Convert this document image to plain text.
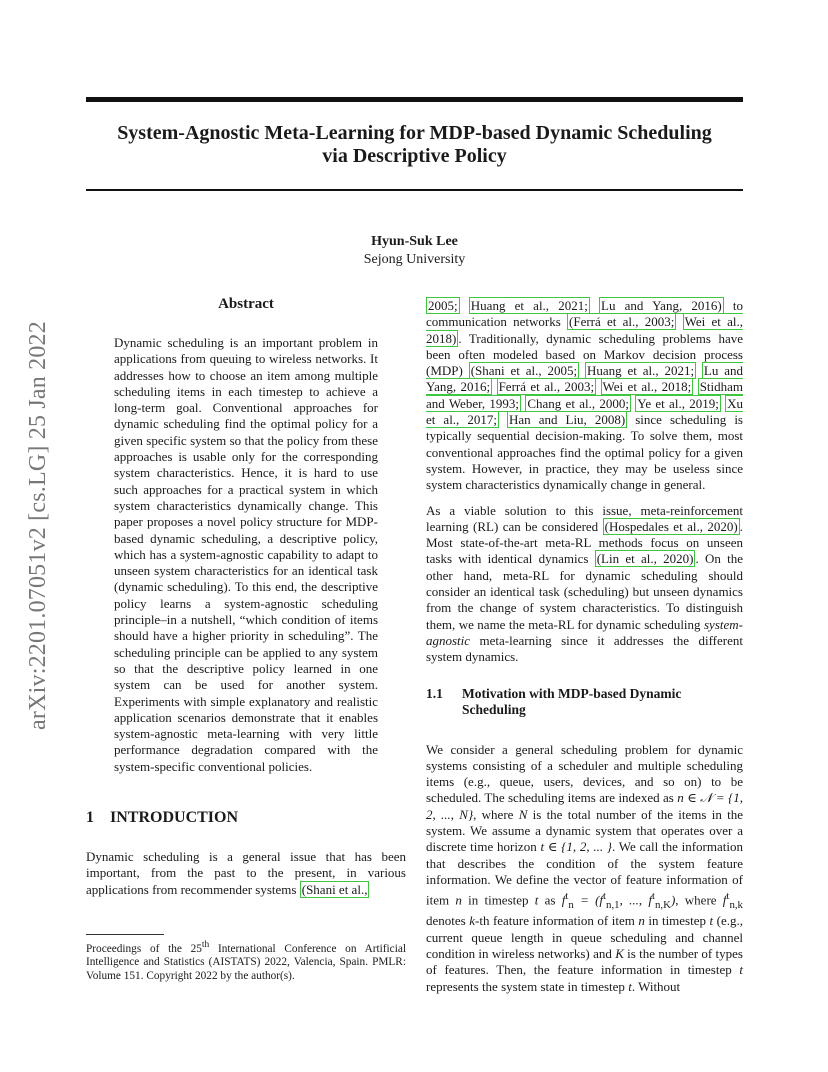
System-Agnostic Meta-Learning for MDP-based Dynamic Scheduling
via Descriptive Policy
Hyun-Suk Lee
Sejong University
arXiv:2201.07051v2 [cs.LG] 25 Jan 2022
Abstract
Dynamic scheduling is an important problem in applications from queuing to wireless networks. It addresses how to choose an item among multiple scheduling items in each timestep to achieve a long-term goal. Conventional approaches for dynamic scheduling find the optimal policy for a given specific system so that the policy from these approaches is usable only for the corresponding system characteristics. Hence, it is hard to use such approaches for a practical system in which system characteristics dynamically change. This paper proposes a novel policy structure for MDP-based dynamic scheduling, a descriptive policy, which has a system-agnostic capability to adapt to unseen system characteristics for an identical task (dynamic scheduling). To this end, the descriptive policy learns a system-agnostic scheduling principle–in a nutshell, “which condition of items should have a higher priority in scheduling”. The scheduling principle can be applied to any system so that the descriptive policy learned in one system can be used for another system. Experiments with simple explanatory and realistic application scenarios demonstrate that it enables system-agnostic meta-learning with very little performance degradation compared with the system-specific conventional policies.
1 INTRODUCTION
Dynamic scheduling is a general issue that has been important, from the past to the present, in various applications from recommender systems (Shani et al.,
Proceedings of the 25th International Conference on Artificial Intelligence and Statistics (AISTATS) 2022, Valencia, Spain. PMLR: Volume 151. Copyright 2022 by the author(s).
2005; Huang et al., 2021; Lu and Yang, 2016) to communication networks (Ferrá et al., 2003; Wei et al., 2018) . Traditionally, dynamic scheduling problems have been often modeled based on Markov decision process (MDP) (Shani et al., 2005; Huang et al., 2021; Lu and Yang, 2016; Ferrá et al., 2003; Wei et al., 2018; Stidham and Weber, 1993; Chang et al., 2000; Ye et al., 2019; Xu et al., 2017; Han and Liu, 2008) since scheduling is typically sequential decision-making. To solve them, most conventional approaches find the optimal policy for a given system. However, in practice, they may be useless since system characteristics dynamically change in general.
As a viable solution to this issue, meta-reinforcement learning (RL) can be considered (Hospedales et al., 2020) . Most state-of-the-art meta-RL methods focus on unseen tasks with identical dynamics (Lin et al., 2020) . On the other hand, meta-RL for dynamic scheduling should consider an identical task (scheduling) but unseen dynamics from the change of system characteristics. To distinguish them, we name the meta-RL for dynamic scheduling system-agnostic meta-learning since it addresses the different system dynamics.
1.1	Motivation with MDP-based Dynamic Scheduling
We consider a general scheduling problem for dynamic systems consisting of a scheduler and multiple scheduling items (e.g., queue, users, devices, and so on) to be scheduled. The scheduling items are indexed as n ∈ 𝒩 = {1, 2, ..., N}, where N is the total number of the items in the system. We assume a dynamic system that operates over a discrete time horizon t ∈ {1, 2, ... }. We call the information that describes the condition of the system feature information. We define the vector of feature information of item n in timestep t as $f^t_n = (f^t_{n,1}$, ..., $f^t_{n,K}$), where $f^t_{n,k}$ denotes k-th feature information of item n in timestep t (e.g., current queue length in queue scheduling and channel condition in wireless networks) and K is the number of types of features. Then, the feature information in timestep t represents the system state in timestep t. Without
